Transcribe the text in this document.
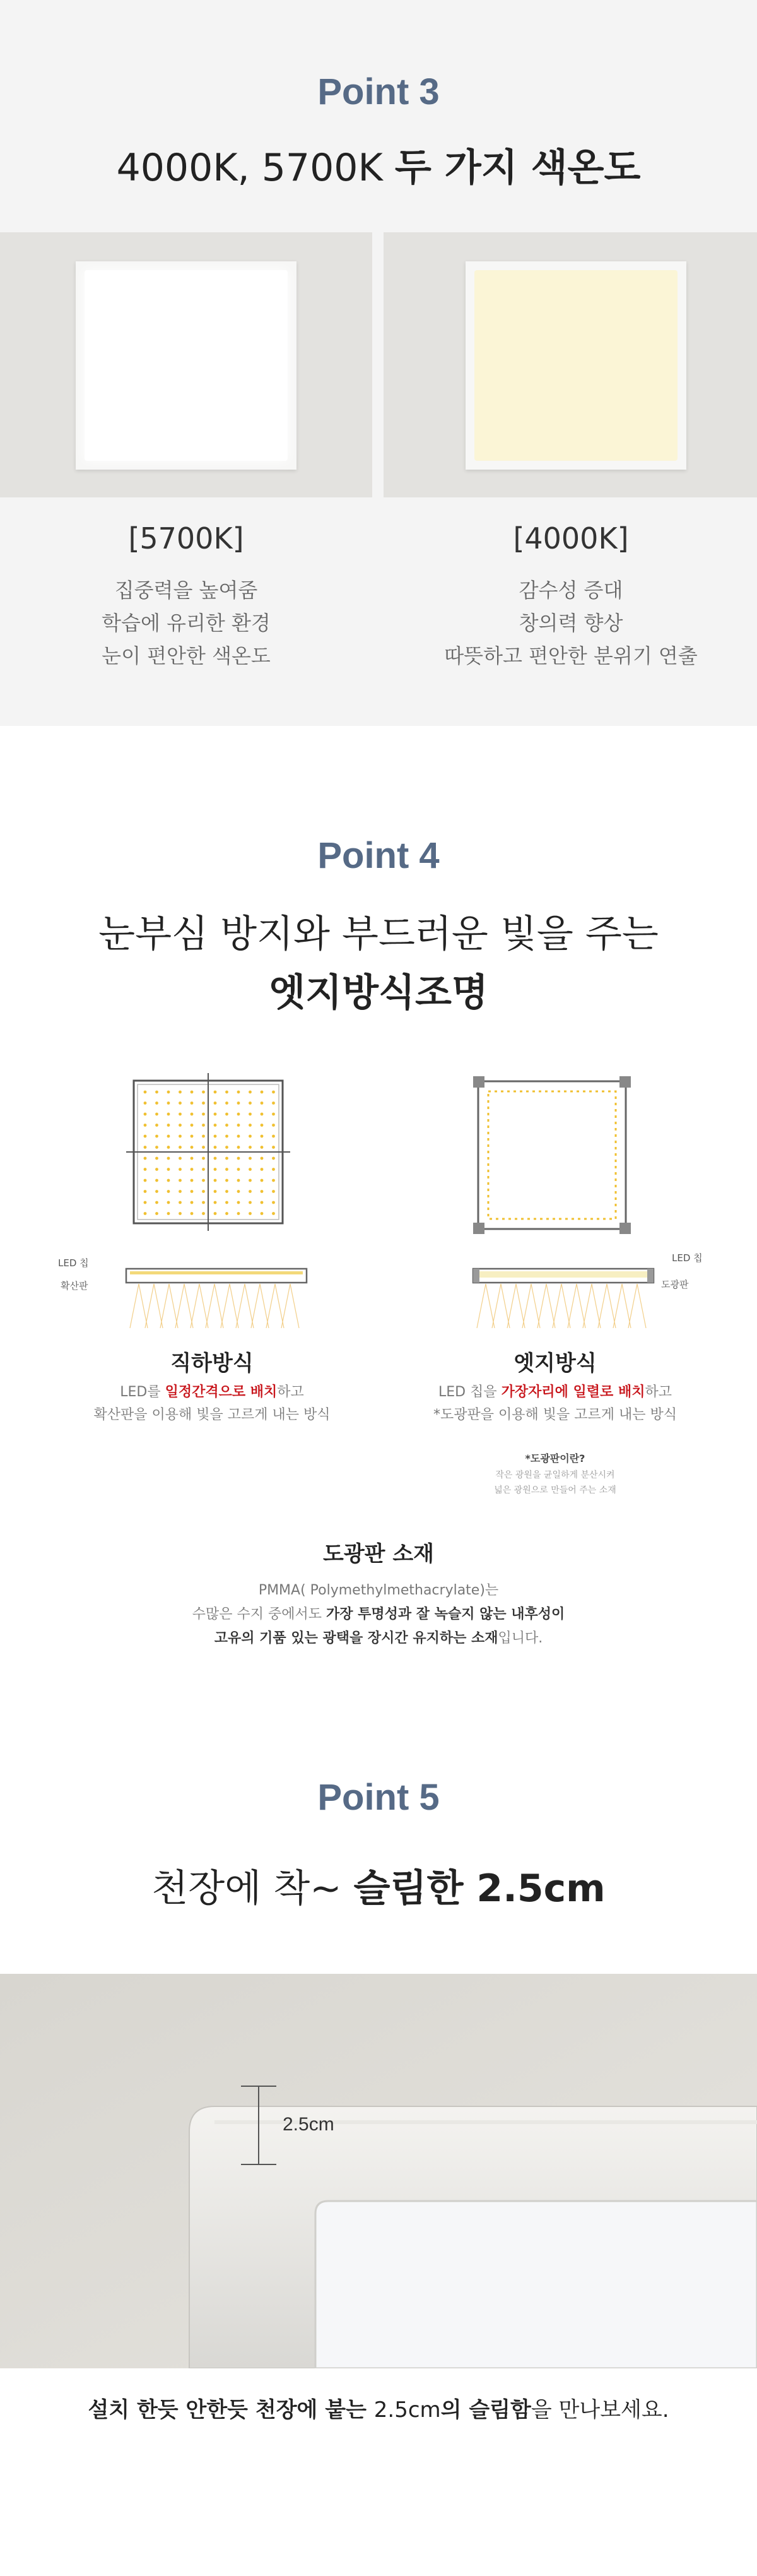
Point 3
4000K, 5700K 두 가지 색온도
[5700K]
집중력을 높여줌
학습에 유리한 환경
눈이 편안한 색온도
[4000K]
감수성 증대
창의력 향상
따뜻하고 편안한 분위기 연출
Point 4
눈부심 방지와 부드러운 빛을 주는
엣지방식조명
LED 칩
확산판
LED 칩
도광판
직하방식
LED를 일정간격으로 배치하고
확산판을 이용해 빛을 고르게 내는 방식
엣지방식
LED 칩을 가장자리에 일렬로 배치하고
*도광판을 이용해 빛을 고르게 내는 방식
*도광판이란?
작은 광원을 균일하게 분산시켜
넓은 광원으로 만들어 주는 소재
도광판 소재
PMMA( Polymethylmethacrylate)는
수많은 수지 중에서도 가장 투명성과 잘 녹슬지 않는 내후성이
고유의 기품 있는 광택을 장시간 유지하는 소재입니다.
Point 5
천장에 착~ 슬림한 2.5cm
2.5cm
설치 한듯 안한듯 천장에 붙는 2.5cm의 슬림함을 만나보세요.
